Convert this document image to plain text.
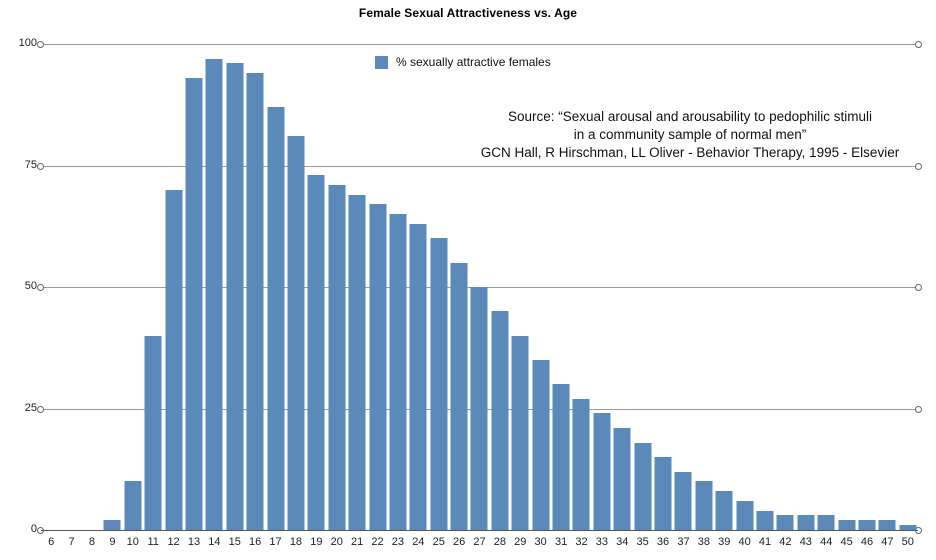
Female Sexual Attractiveness vs. Age
0
25
50
75
100
6 7 8 9 10 11 12 13 14 15 16 17 18 19 20 21 22 23 24 25 26 27 28 29 30 31 32 33 34 35 36 37 38 39 40 41 42 43 44 45 46 47 50
% sexually attractive females
Source: “Sexual arousal and arousability to pedophilic stimuli
in a community sample of normal men”
GCN Hall, R Hirschman, LL Oliver - Behavior Therapy, 1995 - Elsevier
